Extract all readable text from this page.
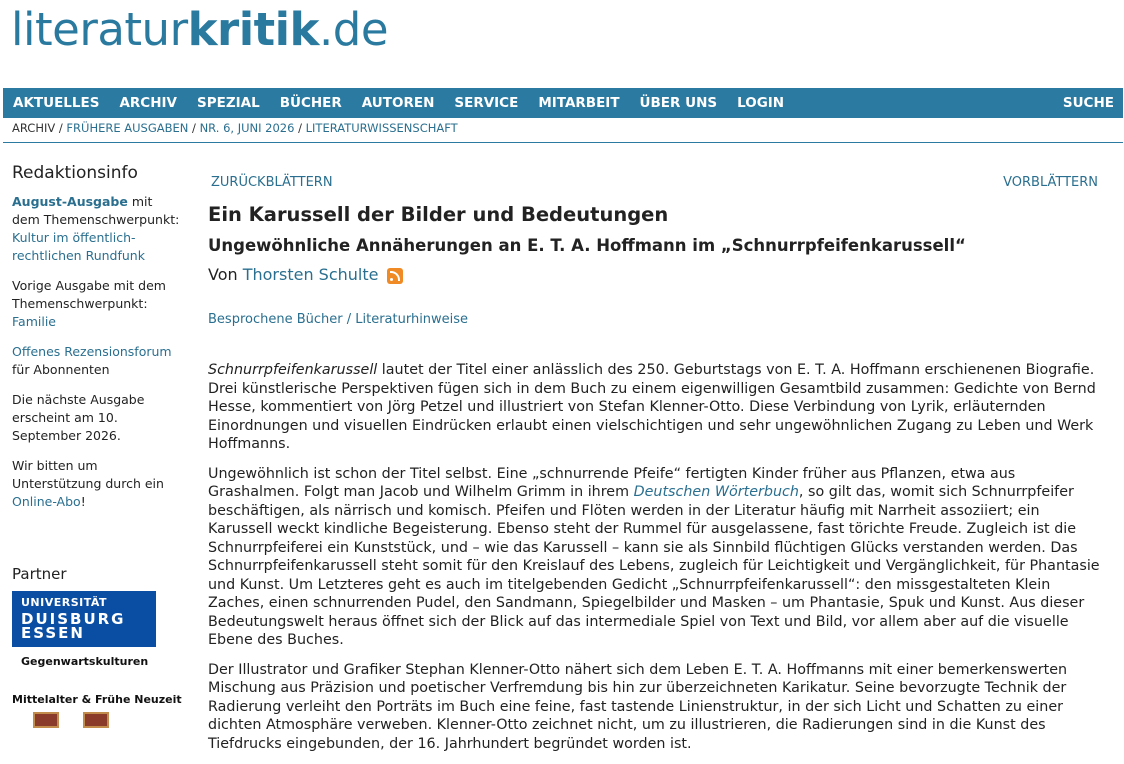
literaturkritik.de
AKTUELLES	ARCHIV	SPEZIAL	BÜCHER	AUTOREN	SERVICE	MITARBEIT	ÜBER UNS	LOGIN	SUCHE
ARCHIV / FRÜHERE AUSGABEN / NR. 6, JUNI 2026 / LITERATURWISSENSCHAFT
Redaktionsinfo

August-Ausgabe mit dem Themenschwerpunkt:
Kultur im öffentlich-rechtlichen Rundfunk

Vorige Ausgabe mit dem Themenschwerpunkt:
Familie

Offenes Rezensionsforum
für Abonnenten

Die nächste Ausgabe erscheint am 10. September 2026.

Wir bitten um Unterstützung durch ein Online-Abo!

Partner
UNIVERSITÄT
DUISBURG
ESSEN
Gegenwartskulturen
Mittelalter & Frühe Neuzeit
ZURÜCKBLÄTTERN	VORBLÄTTERN
Ein Karussell der Bilder und Bedeutungen
Ungewöhnliche Annäherungen an E. T. A. Hoffmann im „Schnurrpfeifenkarussell“
Von Thorsten Schulte
Besprochene Bücher / Literaturhinweise

Schnurrpfeifenkarussell lautet der Titel einer anlässlich des 250. Geburtstags von E. T. A. Hoffmann erschienenen Biografie. Drei künstlerische Perspektiven fügen sich in dem Buch zu einem eigenwilligen Gesamtbild zusammen: Gedichte von Bernd Hesse, kommentiert von Jörg Petzel und illustriert von Stefan Klenner-Otto. Diese Verbindung von Lyrik, erläuternden Einordnungen und visuellen Eindrücken erlaubt einen vielschichtigen und sehr ungewöhnlichen Zugang zu Leben und Werk Hoffmanns.

Ungewöhnlich ist schon der Titel selbst. Eine „schnurrende Pfeife“ fertigten Kinder früher aus Pflanzen, etwa aus Grashalmen. Folgt man Jacob und Wilhelm Grimm in ihrem Deutschen Wörterbuch, so gilt das, womit sich Schnurrpfeifer beschäftigen, als närrisch und komisch. Pfeifen und Flöten werden in der Literatur häufig mit Narrheit assoziiert; ein Karussell weckt kindliche Begeisterung. Ebenso steht der Rummel für ausgelassene, fast törichte Freude. Zugleich ist die Schnurrpfeiferei ein Kunststück, und – wie das Karussell – kann sie als Sinnbild flüchtigen Glücks verstanden werden. Das Schnurrpfeifenkarussell steht somit für den Kreislauf des Lebens, zugleich für Leichtigkeit und Vergänglichkeit, für Phantasie und Kunst. Um Letzteres geht es auch im titelgebenden Gedicht „Schnurrpfeifenkarussell“: den missgestalteten Klein Zaches, einen schnurrenden Pudel, den Sandmann, Spiegelbilder und Masken – um Phantasie, Spuk und Kunst. Aus dieser Bedeutungswelt heraus öffnet sich der Blick auf das intermediale Spiel von Text und Bild, vor allem aber auf die visuelle Ebene des Buches.

Der Illustrator und Grafiker Stephan Klenner-Otto nähert sich dem Leben E. T. A. Hoffmanns mit einer bemerkenswerten Mischung aus Präzision und poetischer Verfremdung bis hin zur überzeichneten Karikatur. Seine bevorzugte Technik der Radierung verleiht den Porträts im Buch eine feine, fast tastende Linienstruktur, in der sich Licht und Schatten zu einer dichten Atmosphäre verweben. Klenner-Otto zeichnet nicht, um zu illustrieren, die Radierungen sind in die Kunst des Tiefdrucks eingebunden, der 16. Jahrhundert begründet worden ist.
